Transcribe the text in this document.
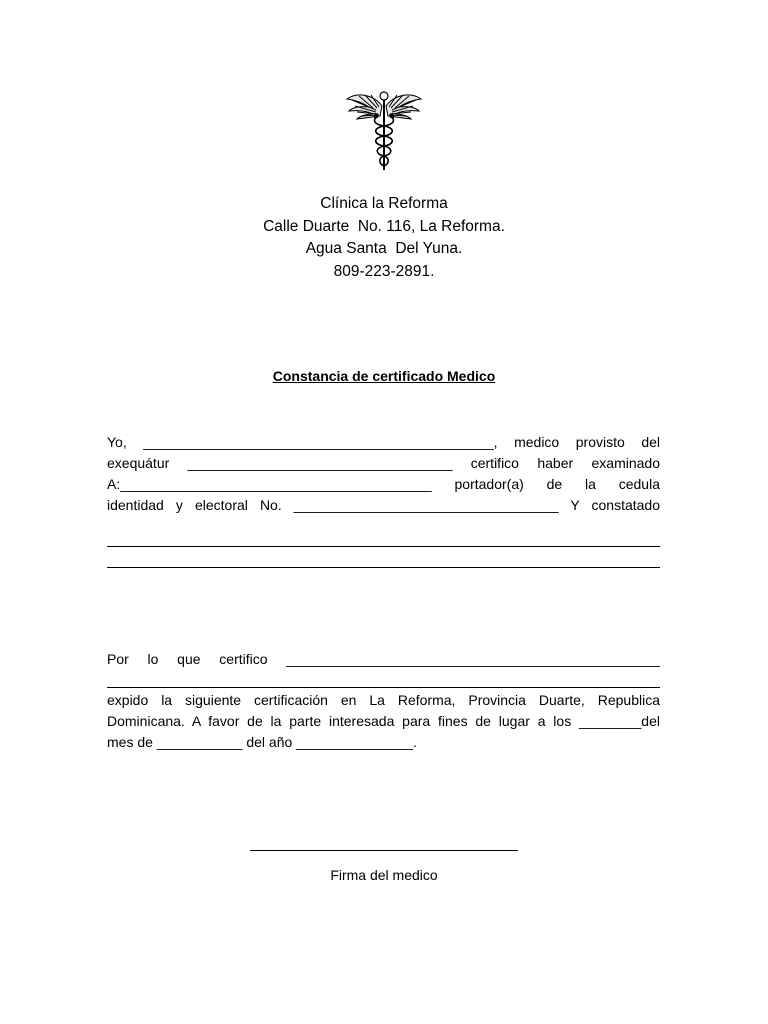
Clínica la Reforma
Calle Duarte  No. 116, La Reforma.
Agua Santa  Del Yuna.
809-223-2891.
Constancia de certificado Medico
Yo, _____________________________________________, medico provisto del
exequátur __________________________________ certifico haber examinado
A:________________________________________ portador(a) de la cedula
identidad y electoral No. __________________________________ Y constatado
Por lo que certifico ________________________________________________
expido la siguiente certificación en La Reforma, Provincia Duarte, Republica
Dominicana. A favor de la parte interesada para fines de lugar a los ________del
mes de ___________ del año _______________.
Firma del medico
